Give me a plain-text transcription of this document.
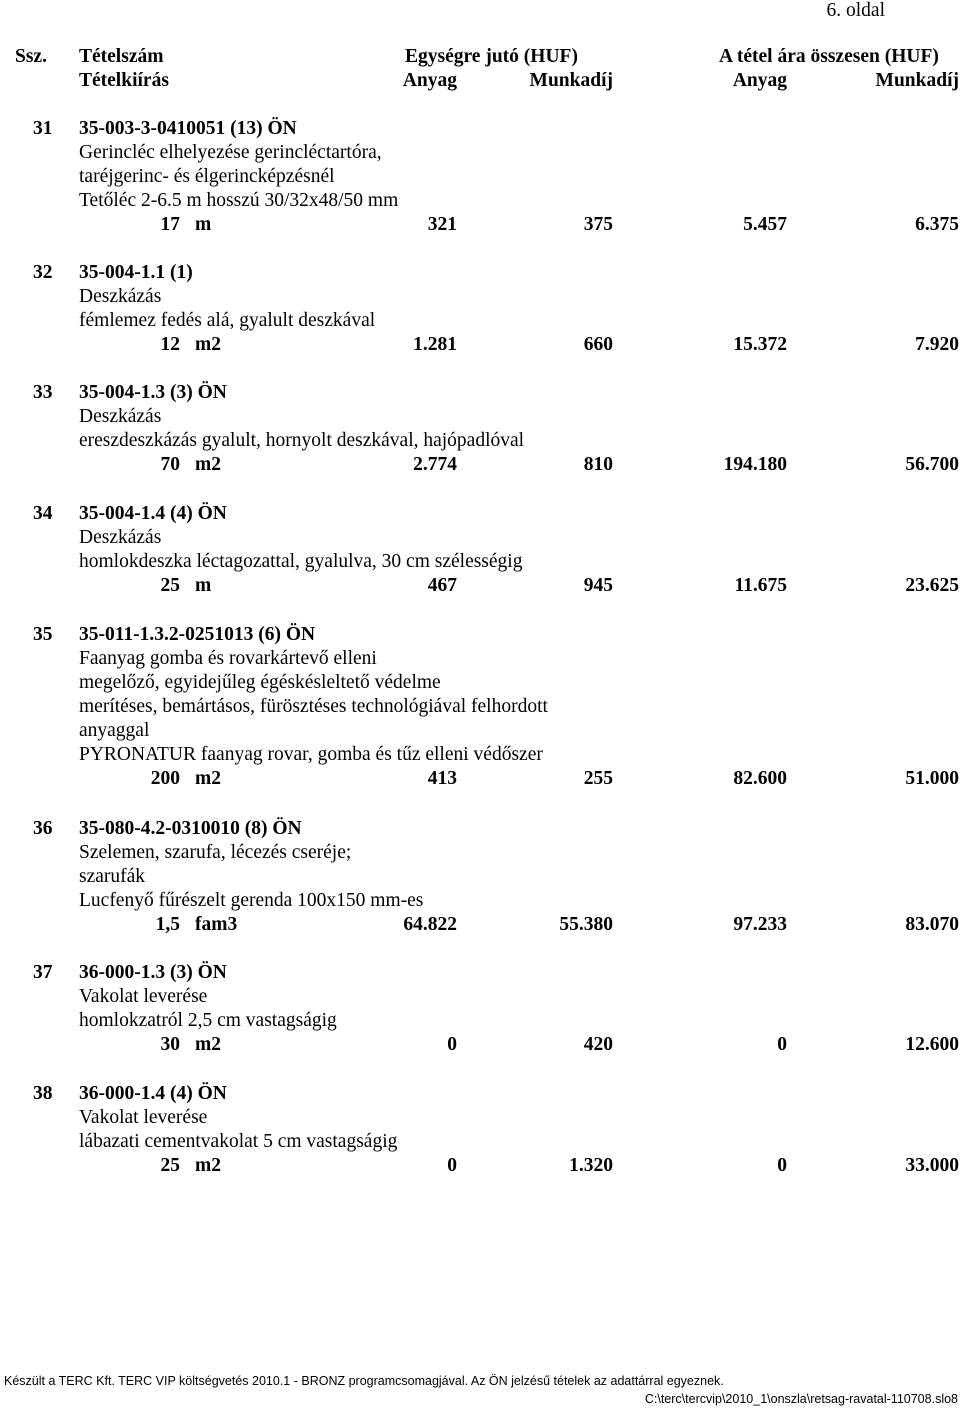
6. oldal
Ssz. Tételszám
Tételkiírás
Egységre jutó (HUF)	A tétel ára összesen (HUF)
Anyag	Munkadíj	Anyag	Munkadíj
31 35-003-3-0410051 (13) ÖN
Gerincléc elhelyezése gerincléctartóra,
taréjgerinc- és élgerincképzésnél
Tetőléc 2-6.5 m hosszú 30/32x48/50 mm
17 m	321	375	5.457	6.375
32 35-004-1.1 (1)
Deszkázás
fémlemez fedés alá, gyalult deszkával
12 m2	1.281	660	15.372	7.920
33 35-004-1.3 (3) ÖN
Deszkázás
ereszdeszkázás gyalult, hornyolt deszkával, hajópadlóval
70 m2	2.774	810	194.180	56.700
34 35-004-1.4 (4) ÖN
Deszkázás
homlokdeszka léctagozattal, gyalulva, 30 cm szélességig
25 m	467	945	11.675	23.625
35 35-011-1.3.2-0251013 (6) ÖN
Faanyag gomba és rovarkártevő elleni
megelőző, egyidejűleg égéskésleltető védelme
merítéses, bemártásos, fürösztéses technológiával felhordott
anyaggal
PYRONATUR faanyag rovar, gomba és tűz elleni védőszer
200 m2	413	255	82.600	51.000
36 35-080-4.2-0310010 (8) ÖN
Szelemen, szarufa, lécezés cseréje;
szarufák
Lucfenyő fűrészelt gerenda 100x150 mm-es
1,5 fam3	64.822	55.380	97.233	83.070
37 36-000-1.3 (3) ÖN
Vakolat leverése
homlokzatról 2,5 cm vastagságig
30 m2	0	420	0	12.600
38 36-000-1.4 (4) ÖN
Vakolat leverése
lábazati cementvakolat 5 cm vastagságig
25 m2	0	1.320	0	33.000
Készült a TERC Kft. TERC VIP költségvetés 2010.1 - BRONZ programcsomagjával. Az ÖN jelzésű tételek az adattárral egyeznek.
C:\terc\tercvip\2010_1\onszla\retsag-ravatal-110708.slo8
